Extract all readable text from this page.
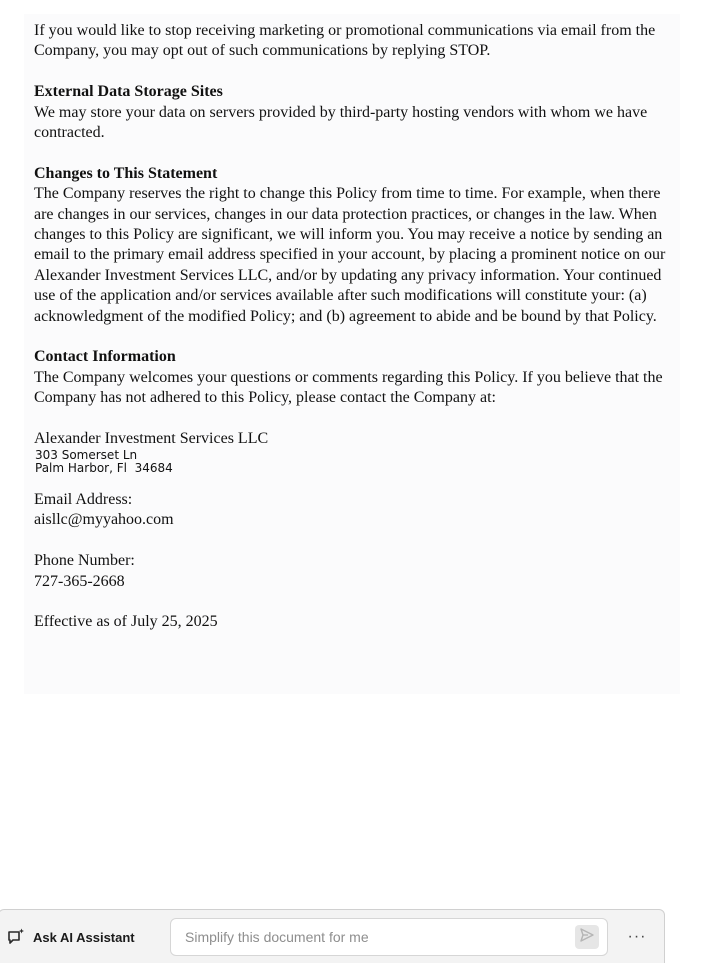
If you would like to stop receiving marketing or promotional communications via email from the Company, you may opt out of such communications by replying STOP.

External Data Storage Sites

We may store your data on servers provided by third-party hosting vendors with whom we have contracted.

Changes to This Statement

The Company reserves the right to change this Policy from time to time. For example, when there are changes in our services, changes in our data protection practices, or changes in the law. When changes to this Policy are significant, we will inform you. You may receive a notice by sending an email to the primary email address specified in your account, by placing a prominent notice on our Alexander Investment Services LLC, and/or by updating any privacy information. Your continued use of the application and/or services available after such modifications will constitute your: (a) acknowledgment of the modified Policy; and (b) agreement to abide and be bound by that Policy.

Contact Information

The Company welcomes your questions or comments regarding this Policy. If you believe that the Company has not adhered to this Policy, please contact the Company at:

Alexander Investment Services LLC

303 Somerset Ln

Palm Harbor, Fl  34684

Email Address:

aisllc@myyahoo.com

Phone Number:

727-365-2668

Effective as of July 25, 2025

Ask AI Assistant
Simplify this document for me	···
